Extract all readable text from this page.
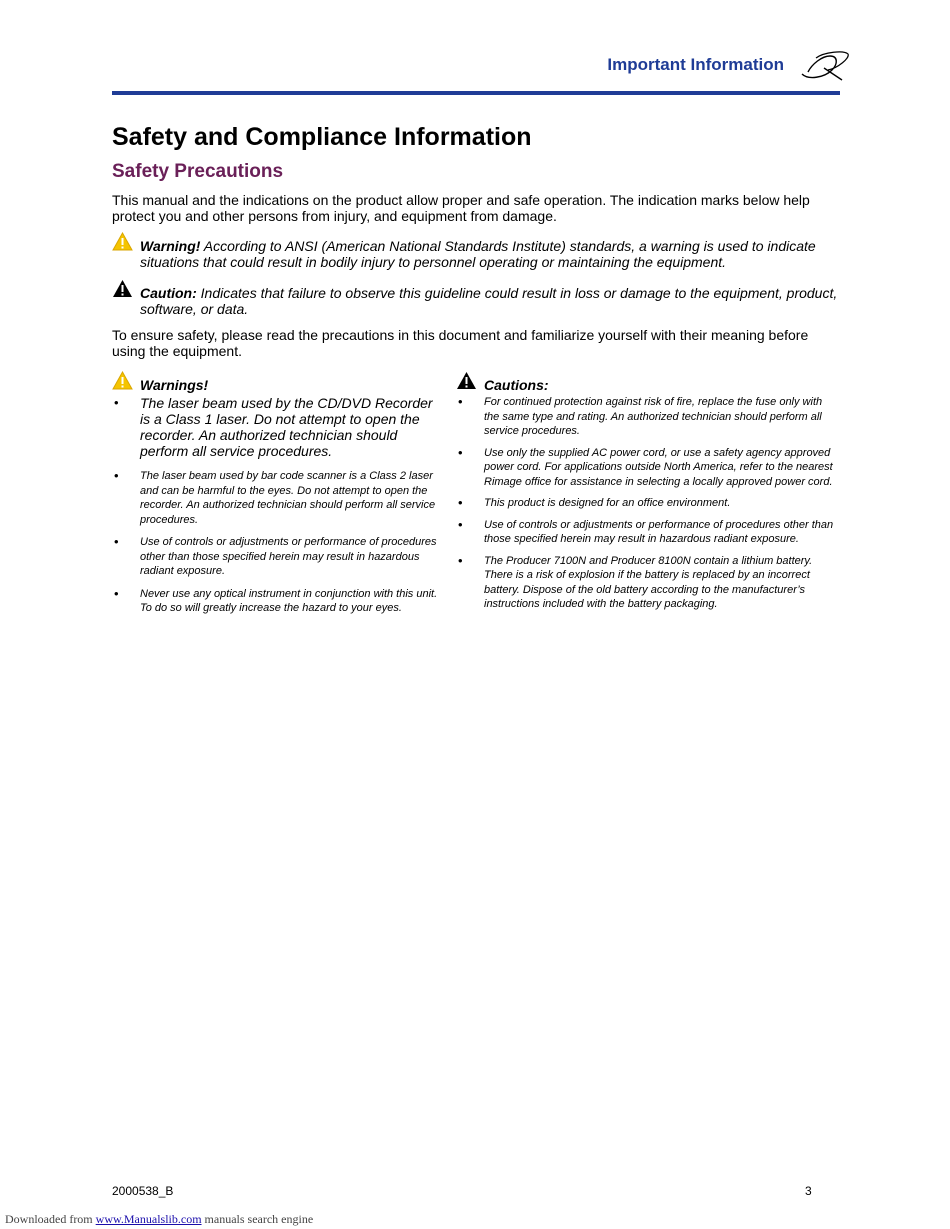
Important Information
Safety and Compliance Information
Safety Precautions

This manual and the indications on the product allow proper and safe operation. The indication marks below help protect you and other persons from injury, and equipment from damage.

Warning! According to ANSI (American National Standards Institute) standards, a warning is used to indicate situations that could result in bodily injury to personnel operating or maintaining the equipment.
Caution: Indicates that failure to observe this guideline could result in loss or damage to the equipment, product, software, or data.

To ensure safety, please read the precautions in this document and familiarize yourself with their meaning before using the equipment.

Warnings!
• The laser beam used by the CD/DVD Recorder is a Class 1 laser. Do not attempt to open the recorder. An authorized technician should perform all service procedures.
• The laser beam used by bar code scanner is a Class 2 laser and can be harmful to the eyes. Do not attempt to open the recorder. An authorized technician should perform all service procedures.
• Use of controls or adjustments or performance of procedures other than those specified herein may result in hazardous radiant exposure.
• Never use any optical instrument in conjunction with this unit. To do so will greatly increase the hazard to your eyes.
Cautions:
• For continued protection against risk of fire, replace the fuse only with the same type and rating. An authorized technician should perform all service procedures.
• Use only the supplied AC power cord, or use a safety agency approved power cord. For applications outside North America, refer to the nearest Rimage office for assistance in selecting a locally approved power cord.
• This product is designed for an office environment.
• Use of controls or adjustments or performance of procedures other than those specified herein may result in hazardous radiant exposure.
• The Producer 7100N and Producer 8100N contain a lithium battery. There is a risk of explosion if the battery is replaced by an incorrect battery. Dispose of the old battery according to the manufacturer’s instructions included with the battery packaging.
2000538_B	3
Downloaded from www.Manualslib.com manuals search engine
